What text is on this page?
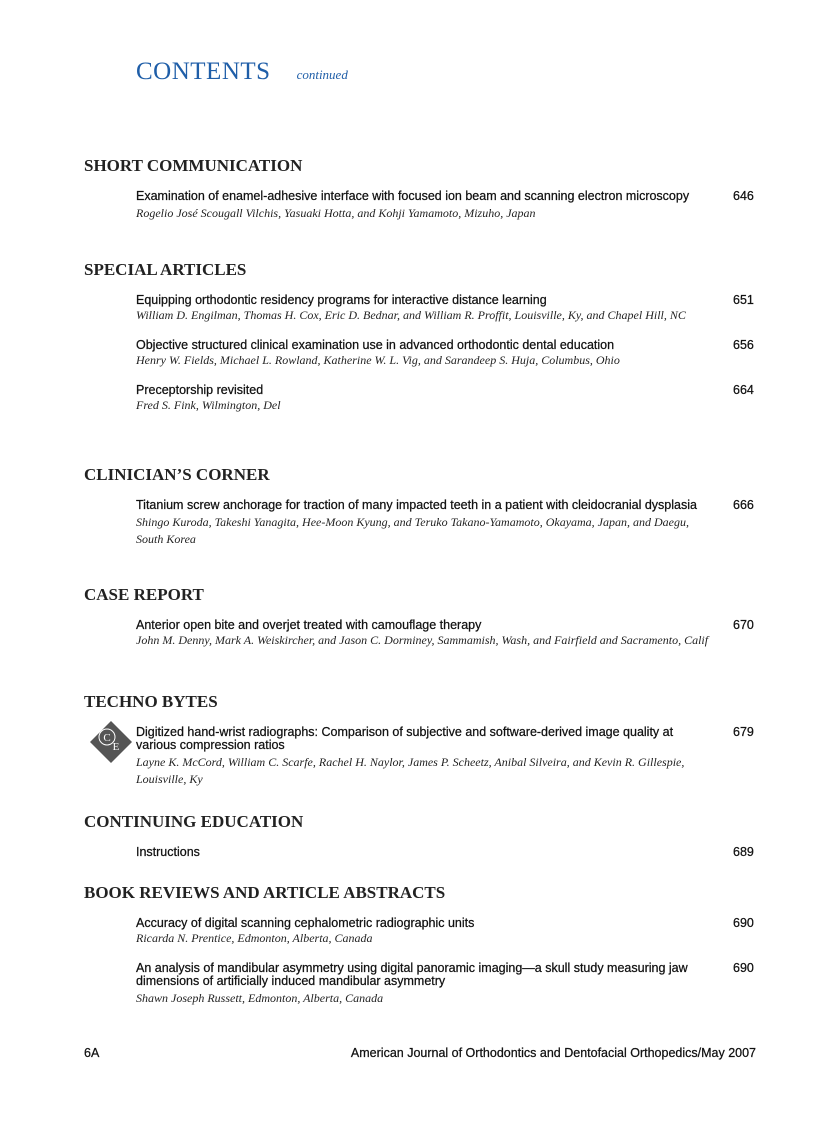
CONTENTS continued
SHORT COMMUNICATION
Examination of enamel-adhesive interface with focused ion beam and scanning electron microscopy
Rogelio José Scougall Vilchis, Yasuaki Hotta, and Kohji Yamamoto, Mizuho, Japan
646
SPECIAL ARTICLES
Equipping orthodontic residency programs for interactive distance learning
William D. Engilman, Thomas H. Cox, Eric D. Bednar, and William R. Proffit, Louisville, Ky, and Chapel Hill, NC
651
Objective structured clinical examination use in advanced orthodontic dental education
Henry W. Fields, Michael L. Rowland, Katherine W. L. Vig, and Sarandeep S. Huja, Columbus, Ohio
656
Preceptorship revisited
Fred S. Fink, Wilmington, Del
664
CLINICIAN’S CORNER
Titanium screw anchorage for traction of many impacted teeth in a patient with cleidocranial dysplasia
Shingo Kuroda, Takeshi Yanagita, Hee-Moon Kyung, and Teruko Takano-Yamamoto, Okayama, Japan, and Daegu, South Korea
666
CASE REPORT
Anterior open bite and overjet treated with camouflage therapy
John M. Denny, Mark A. Weiskircher, and Jason C. Dorminey, Sammamish, Wash, and Fairfield and Sacramento, Calif
670
TECHNO BYTES
C
E
Digitized hand-wrist radiographs: Comparison of subjective and software-derived image quality at various compression ratios
Layne K. McCord, William C. Scarfe, Rachel H. Naylor, James P. Scheetz, Anibal Silveira, and Kevin R. Gillespie, Louisville, Ky
679
CONTINUING EDUCATION
Instructions	689
BOOK REVIEWS AND ARTICLE ABSTRACTS
Accuracy of digital scanning cephalometric radiographic units
Ricarda N. Prentice, Edmonton, Alberta, Canada
690
An analysis of mandibular asymmetry using digital panoramic imaging—a skull study measuring jaw dimensions of artificially induced mandibular asymmetry
Shawn Joseph Russett, Edmonton, Alberta, Canada
690
6A	American Journal of Orthodontics and Dentofacial Orthopedics/May 2007
